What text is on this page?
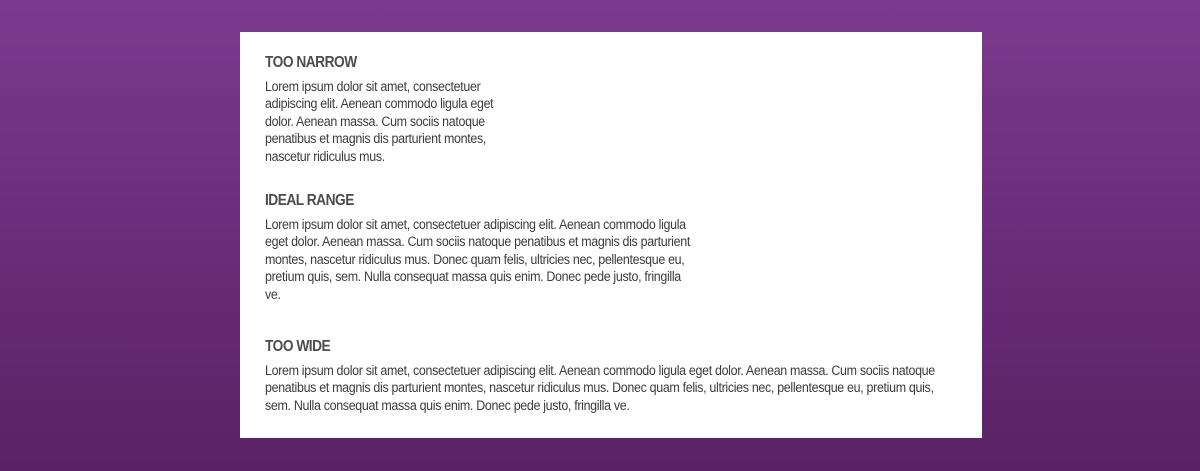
TOO NARROW

Lorem ipsum dolor sit amet, consectetuer adipiscing elit. Aenean commodo ligula eget dolor. Aenean massa. Cum sociis natoque penatibus et magnis dis parturient montes, nascetur ridiculus mus.

IDEAL RANGE

Lorem ipsum dolor sit amet, consectetuer adipiscing elit. Aenean commodo ligula eget dolor. Aenean massa. Cum sociis natoque penatibus et magnis dis parturient montes, nascetur ridiculus mus. Donec quam felis, ultricies nec, pellentesque eu, pretium quis, sem. Nulla consequat massa quis enim. Donec pede justo, fringilla ve.

TOO WIDE

Lorem ipsum dolor sit amet, consectetuer adipiscing elit. Aenean commodo ligula eget dolor. Aenean massa. Cum sociis natoque penatibus et magnis dis parturient montes, nascetur ridiculus mus. Donec quam felis, ultricies nec, pellentesque eu, pretium quis, sem. Nulla consequat massa quis enim. Donec pede justo, fringilla ve.
